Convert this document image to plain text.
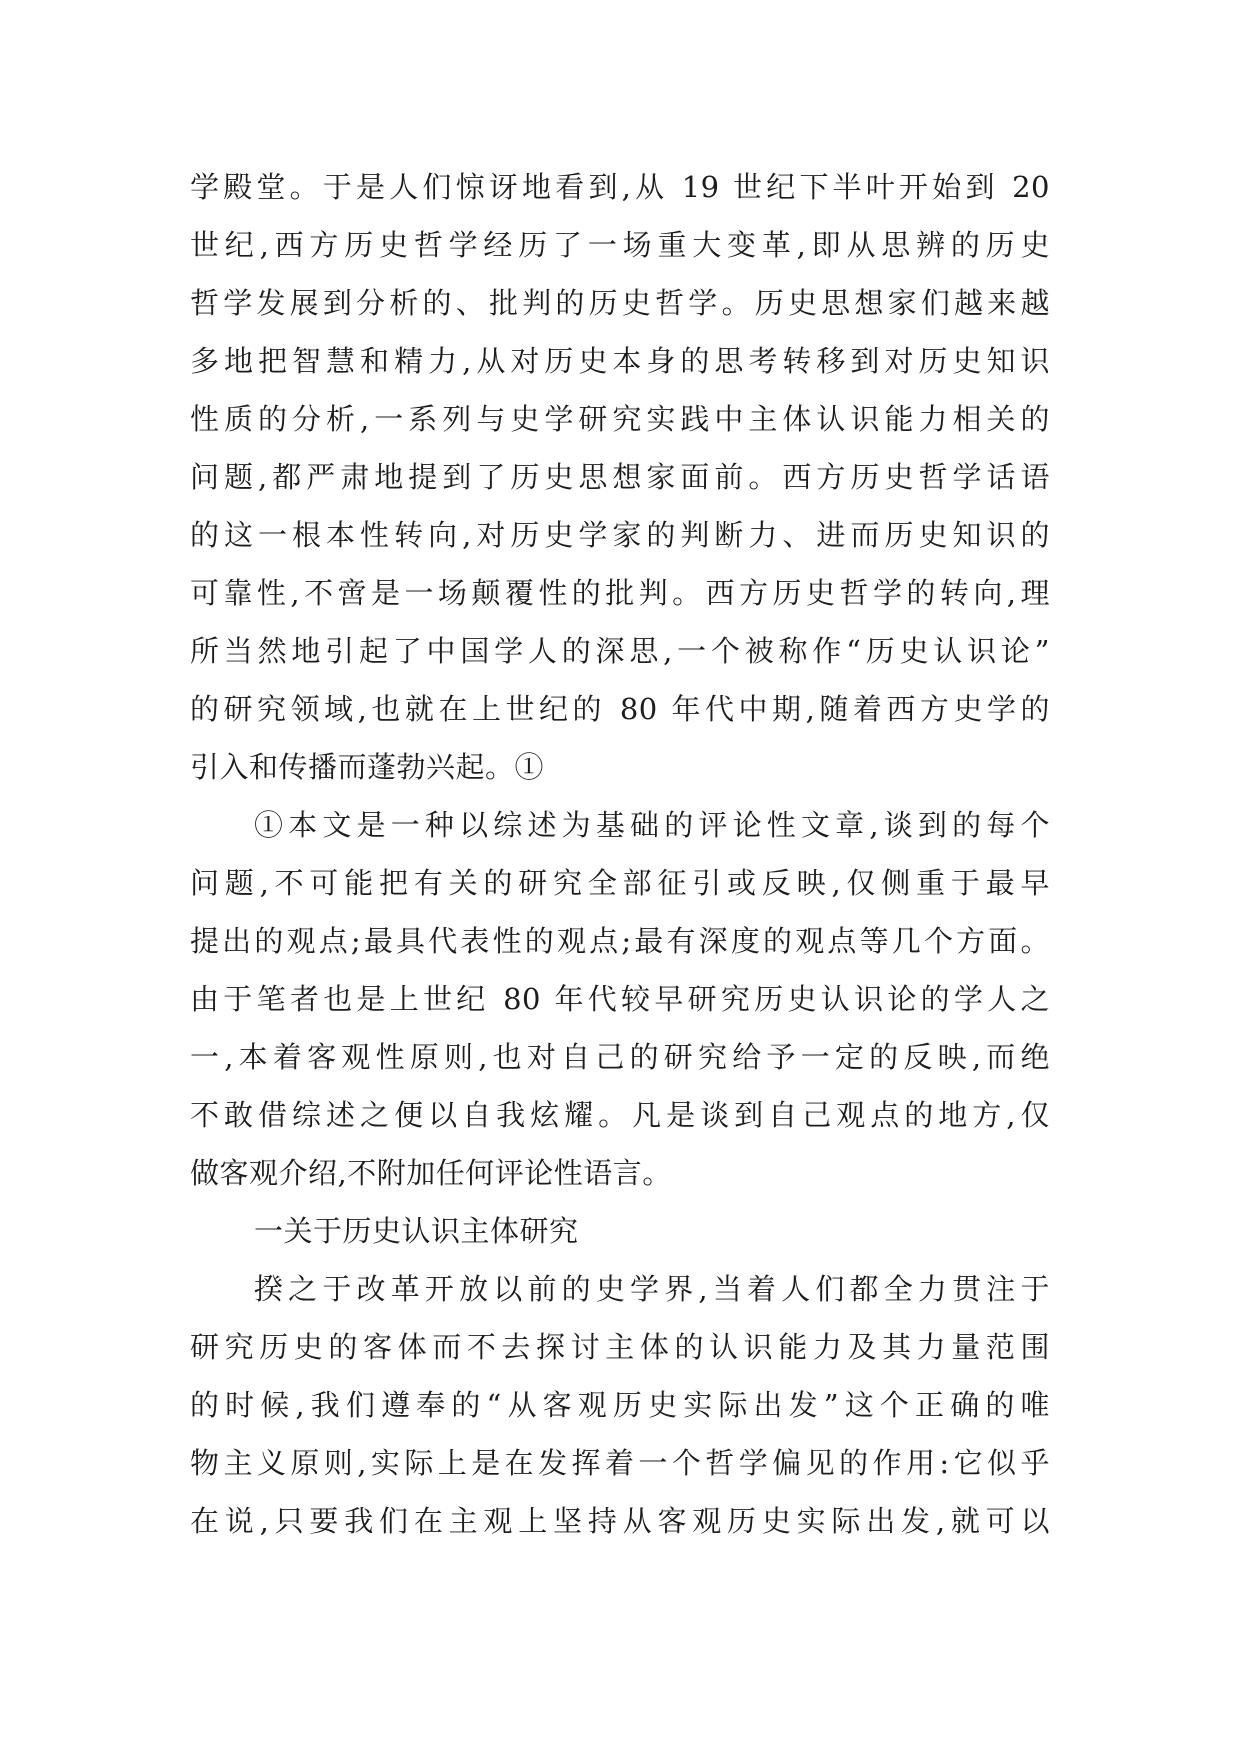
学殿堂。于是人们惊讶地看到,从 19 世纪下半叶开始到 20
世纪,西方历史哲学经历了一场重大变革,即从思辨的历史
哲学发展到分析的、批判的历史哲学。历史思想家们越来越
多地把智慧和精力,从对历史本身的思考转移到对历史知识
性质的分析,一系列与史学研究实践中主体认识能力相关的
问题,都严肃地提到了历史思想家面前。西方历史哲学话语
的这一根本性转向,对历史学家的判断力、进而历史知识的
可靠性,不啻是一场颠覆性的批判。西方历史哲学的转向,理
所当然地引起了中国学人的深思,一个被称作“历史认识论”
的研究领域,也就在上世纪的 80 年代中期,随着西方史学的
引入和传播而蓬勃兴起。①
①本文是一种以综述为基础的评论性文章,谈到的每个
问题,不可能把有关的研究全部征引或反映,仅侧重于最早
提出的观点;最具代表性的观点;最有深度的观点等几个方面。
由于笔者也是上世纪 80 年代较早研究历史认识论的学人之
一,本着客观性原则,也对自己的研究给予一定的反映,而绝
不敢借综述之便以自我炫耀。凡是谈到自己观点的地方,仅
做客观介绍,不附加任何评论性语言。
一关于历史认识主体研究
揆之于改革开放以前的史学界,当着人们都全力贯注于
研究历史的客体而不去探讨主体的认识能力及其力量范围
的时候,我们遵奉的“从客观历史实际出发”这个正确的唯
物主义原则,实际上是在发挥着一个哲学偏见的作用:它似乎
在说,只要我们在主观上坚持从客观历史实际出发,就可以
